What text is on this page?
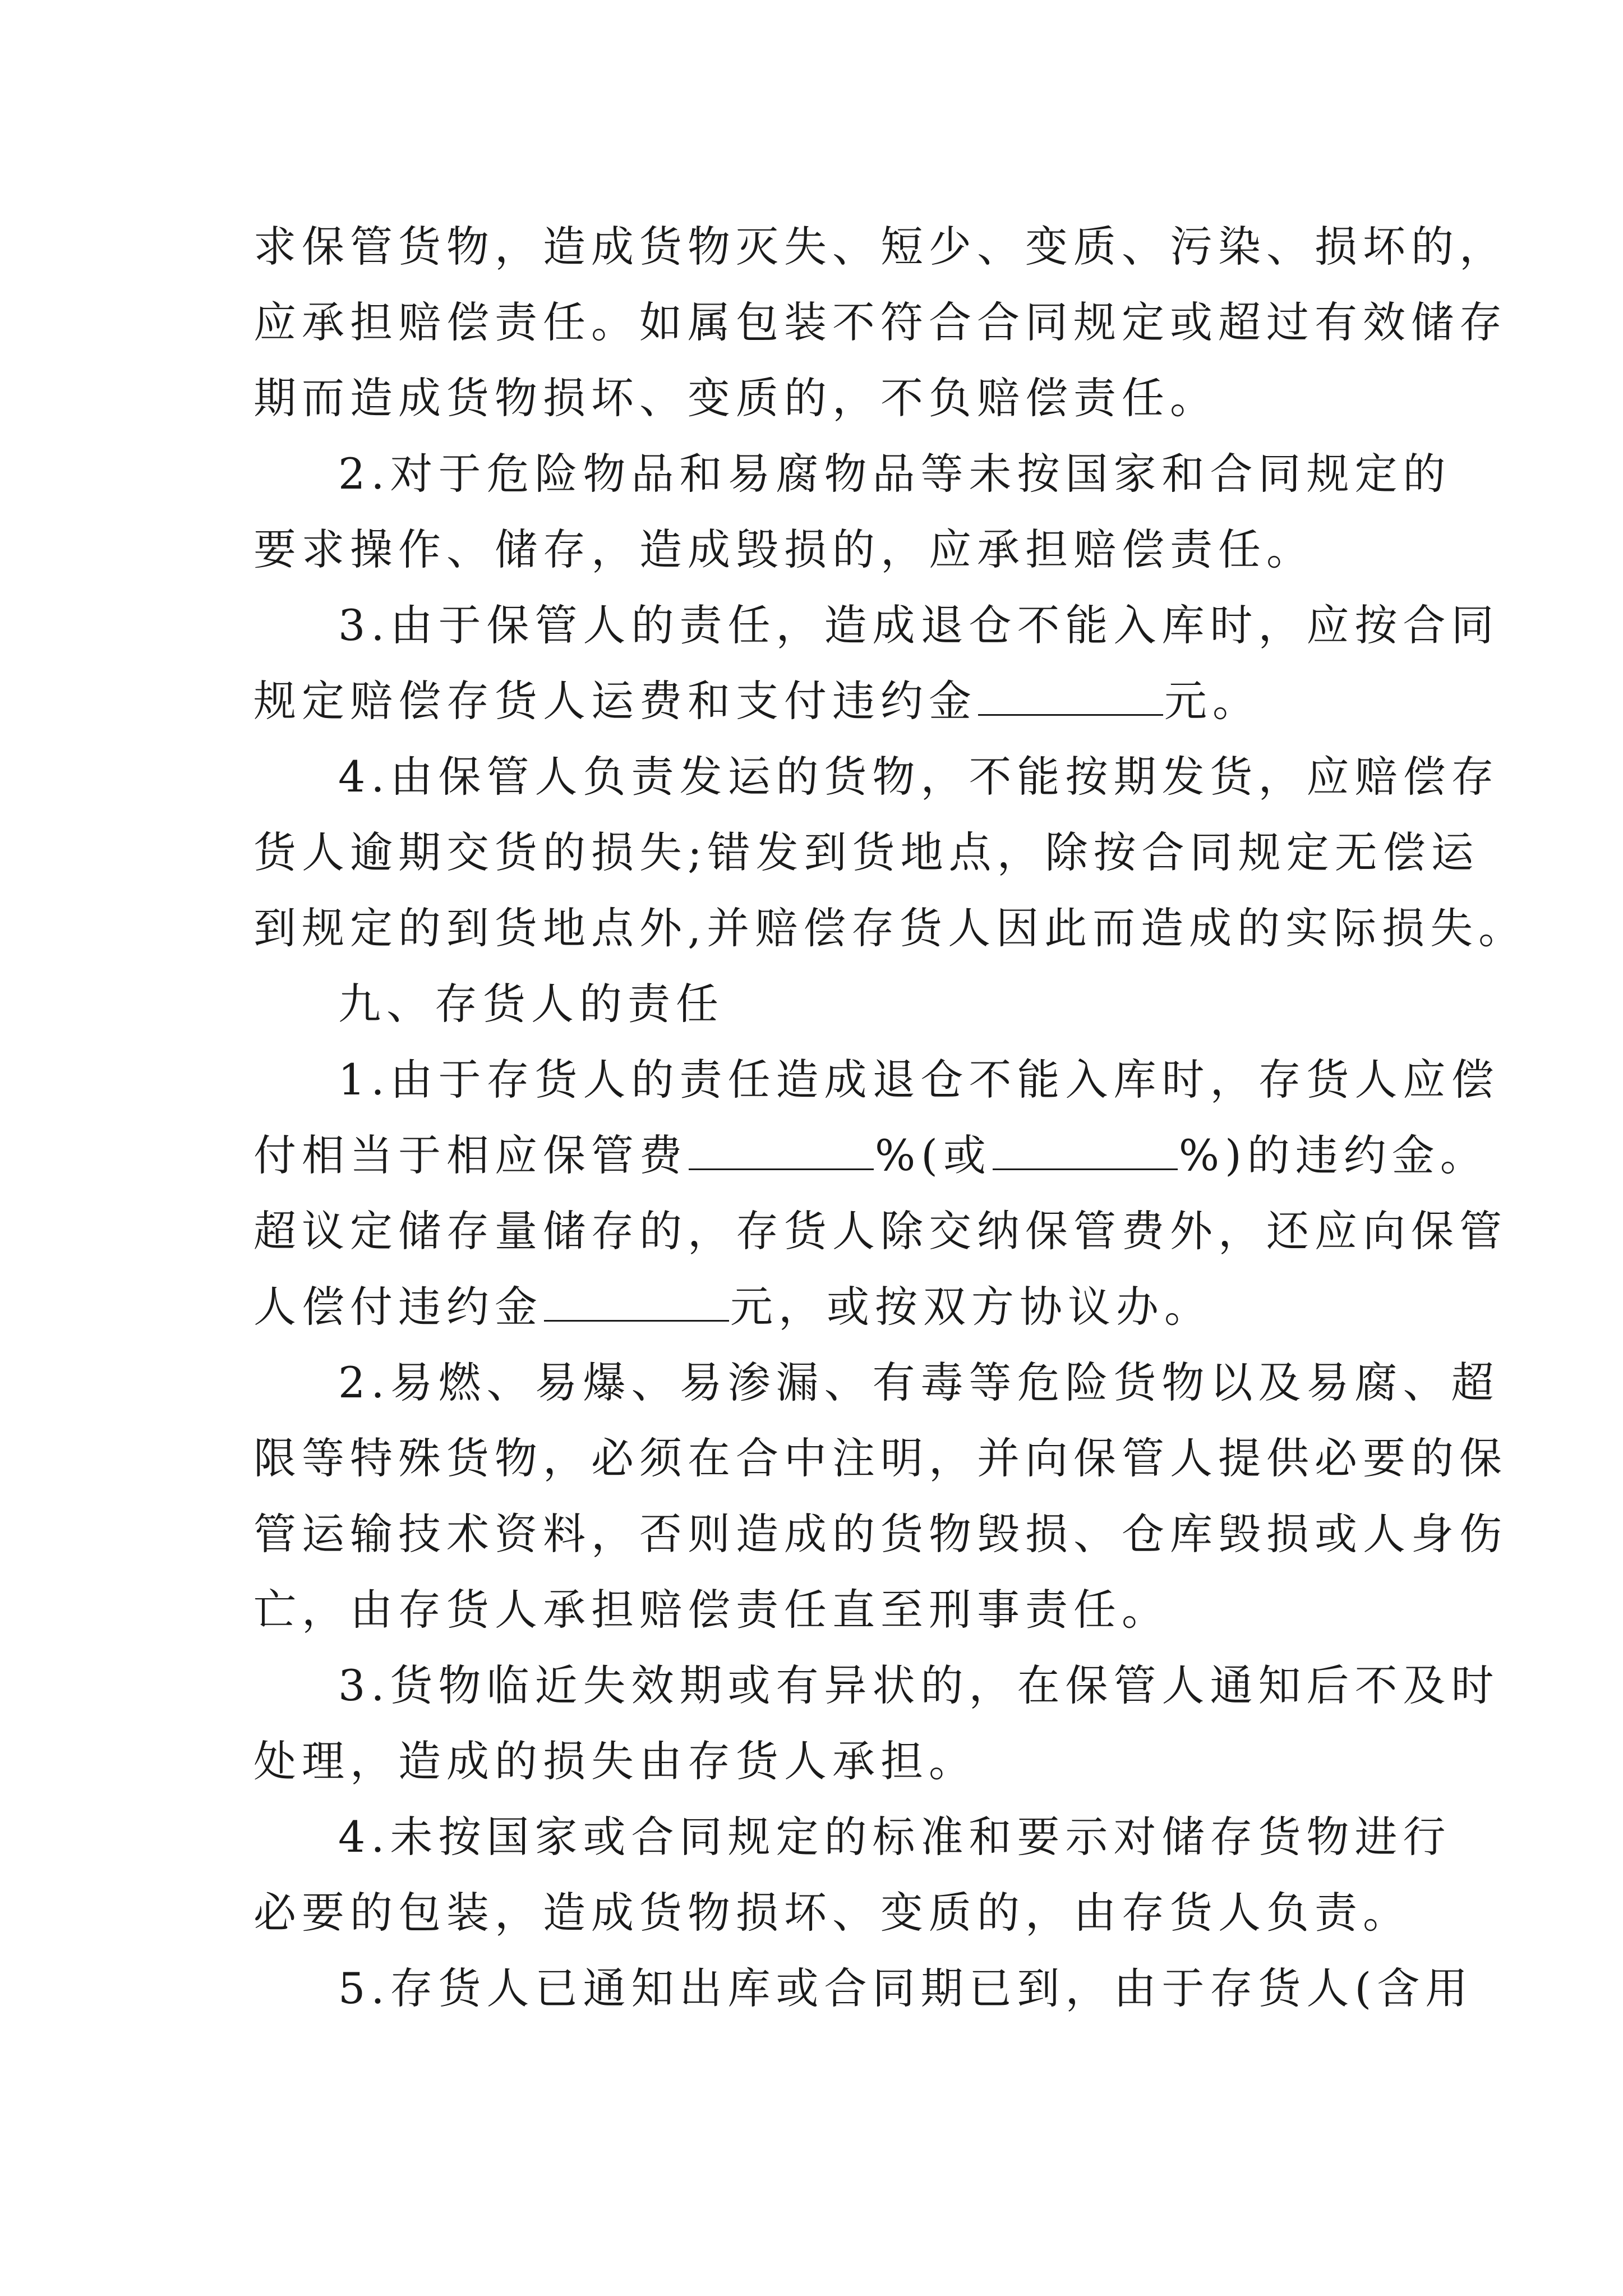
求保管货物，造成货物灭失、短少、变质、污染、损坏的，
应承担赔偿责任。如属包装不符合合同规定或超过有效储存
期而造成货物损坏、变质的，不负赔偿责任。
2.对于危险物品和易腐物品等未按国家和合同规定的
要求操作、储存，造成毁损的，应承担赔偿责任。
3.由于保管人的责任，造成退仓不能入库时，应按合同
规定赔偿存货人运费和支付违约金	元。
4.由保管人负责发运的货物，不能按期发货，应赔偿存
货人逾期交货的损失;错发到货地点，除按合同规定无偿运
到规定的到货地点外,并赔偿存货人因此而造成的实际损失。
九、存货人的责任
1.由于存货人的责任造成退仓不能入库时，存货人应偿
付相当于相应保管费	%(或	%)的违约金。
超议定储存量储存的，存货人除交纳保管费外，还应向保管
人偿付违约金	元，或按双方协议办。
2.易燃、易爆、易渗漏、有毒等危险货物以及易腐、超
限等特殊货物，必须在合中注明，并向保管人提供必要的保
管运输技术资料，否则造成的货物毁损、仓库毁损或人身伤
亡，由存货人承担赔偿责任直至刑事责任。
3.货物临近失效期或有异状的，在保管人通知后不及时
处理，造成的损失由存货人承担。
4.未按国家或合同规定的标准和要示对储存货物进行
必要的包装，造成货物损坏、变质的，由存货人负责。
5.存货人已通知出库或合同期已到，由于存货人(含用
